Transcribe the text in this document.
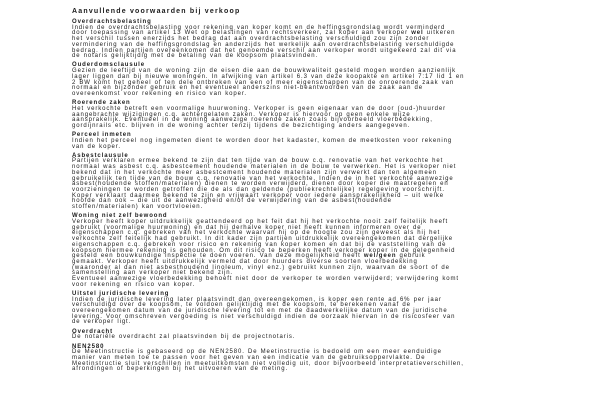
Aanvullende voorwaarden bij verkoop
Overdrachtsbelasting
Indien de overdrachtsbelasting voor rekening van koper komt en de heffingsgrondslag wordt verminderd
door toepassing van artikel 13 Wet op belastingen van rechtsverkeer, zal koper aan verkoper wel uitkeren
het verschil tussen enerzijds het bedrag dat aan overdrachtsbelasting verschuldigd zou zijn zonder
vermindering van de heffingsgrondslag en anderzijds het werkelijk aan overdrachtsbelasting verschuldigde
bedrag. Indien partijen overeenkomen dat het genoemde verschil aan verkoper wordt uitgekeerd zal dit via
de notaris gelijktijdig met de betaling van de koopsom plaatsvinden.
Ouderdomsclausule
Gezien de leeftijd van de woning zijn de eisen die aan de bouwkwaliteit gesteld mogen worden aanzienlijk
lager liggen dan bij nieuwe woningen. In afwijking van artikel 6.3 van deze koopakte en artikel 7:17 lid 1 en
2 BW komt het geheel of ten dele ontbreken van een of meer eigenschappen van de onroerende zaak van
normaal en bijzonder gebruik en het eventueel anderszins niet-beantwoorden van de zaak aan de
overeenkomst voor rekening en risico van koper.
Roerende zaken
Het verkochte betreft een voormalige huurwoning. Verkoper is geen eigenaar van de door (oud-)huurder
aangebrachte wijzigingen c.q. achtergelaten zaken. Verkoper is hiervoor op geen enkele wijze
aansprakelijk. Eventueel in de woning aanwezige roerende zaken zoals bijvoorbeeld vloerbedekking,
gordijnrails etc. blijven in de woning achter tenzij tijdens de bezichtiging anders aangegeven.
Perceel inmeten
Indien het perceel nog ingemeten dient te worden door het kadaster, komen de meetkosten voor rekening
van de koper.
Asbestclausule
Partijen verklaren ermee bekend te zijn dat ten tijde van de bouw c.q. renovatie van het verkochte het
normaal was asbest c.q. asbestcement houdende materialen in de bouw te verwerken. Het is verkoper niet
bekend dat in het verkochte meer asbestcement houdende materialen zijn verwerkt dan ten algemeen
gebruikelijk ten tijde van de bouw c.q. renovatie van het verkochte. Indien de in het verkochte aanwezige
asbest(houdende stoffen/materialen) dienen te worden verwijderd, dienen door koper die maatregelen en
voorzieningen te worden getroffen die de als dan geldende (publiekrechtelijke) regelgeving voorschrijft.
Koper verklaart daarmee bekend te zijn en vrijwaart verkoper voor iedere aansprakelijkheid – uit welke
hoofde dan ook – die uit de aanwezigheid en/of de verwijdering van de asbest(houdende
stoffen/materialen) kan voortvloeien.
Woning niet zelf bewoond
Verkoper heeft koper uitdrukkelijk geattendeerd op het feit dat hij het verkochte nooit zelf feitelijk heeft
gebruikt (voormalige huurwoning) en dat hij derhalve koper niet heeft kunnen informeren over de
eigenschappen c.q. gebreken van het verkochte waarvan hij op de hoogte zou zijn geweest als hij het
verkochte zelf feitelijk had gebruikt. In dit kader zijn partijen uitdrukkelijk overeengekomen dat dergelijke
eigenschappen c.q. gebreken voor risico en rekening van koper komen en dat bij de vaststelling van de
koopsom hiermee rekening is gehouden. Om dit risico te beperken heeft verkoper koper in de gelegenheid
gesteld een bouwkundige inspectie te doen voeren. Van deze mogelijkheid heeft wel/geen gebruik
gemaakt. Verkoper heeft uitdrukkelijk vermeld dat door huurders diverse soorten vloerbedekking
(waaronder al dan niet asbesthoudend linoleum, vinyl enz.) gebruikt kunnen zijn, waarvan de soort of de
samenstelling aan verkoper niet bekend zijn.
Eventueel aanwezige vloerbedekking behoeft niet door de verkoper te worden verwijderd; verwijdering komt
voor rekening en risico van koper.
Uitstel juridische levering
Indien de juridische levering later plaatsvindt dan overeengekomen, is koper een rente ad 6% per jaar
verschuldigd over de koopsom, te voldoen gelijktijdig met de koopsom, te berekenen vanaf de
overeengekomen datum van de juridische levering tot en met de daadwerkelijke datum van de juridische
levering. Voor omschreven vergoeding is niet verschuldigd indien de oorzaak hiervan in de risicosfeer van
de verkoper ligt.
Overdracht
De notariële overdracht zal plaatsvinden bij de projectnotaris.
NEN2580
De Meetinstructie is gebaseerd op de NEN2580. De Meetinstructie is bedoeld om een meer eenduidige
manier van meten toe te passen voor het geven van een indicatie van de gebruiksoppervlakte. De
Meetinstructie sluit verschillen in meetuitkomsten niet volledig uit, door bijvoorbeeld interpretatieverschillen,
afrondingen of beperkingen bij het uitvoeren van de meting.
